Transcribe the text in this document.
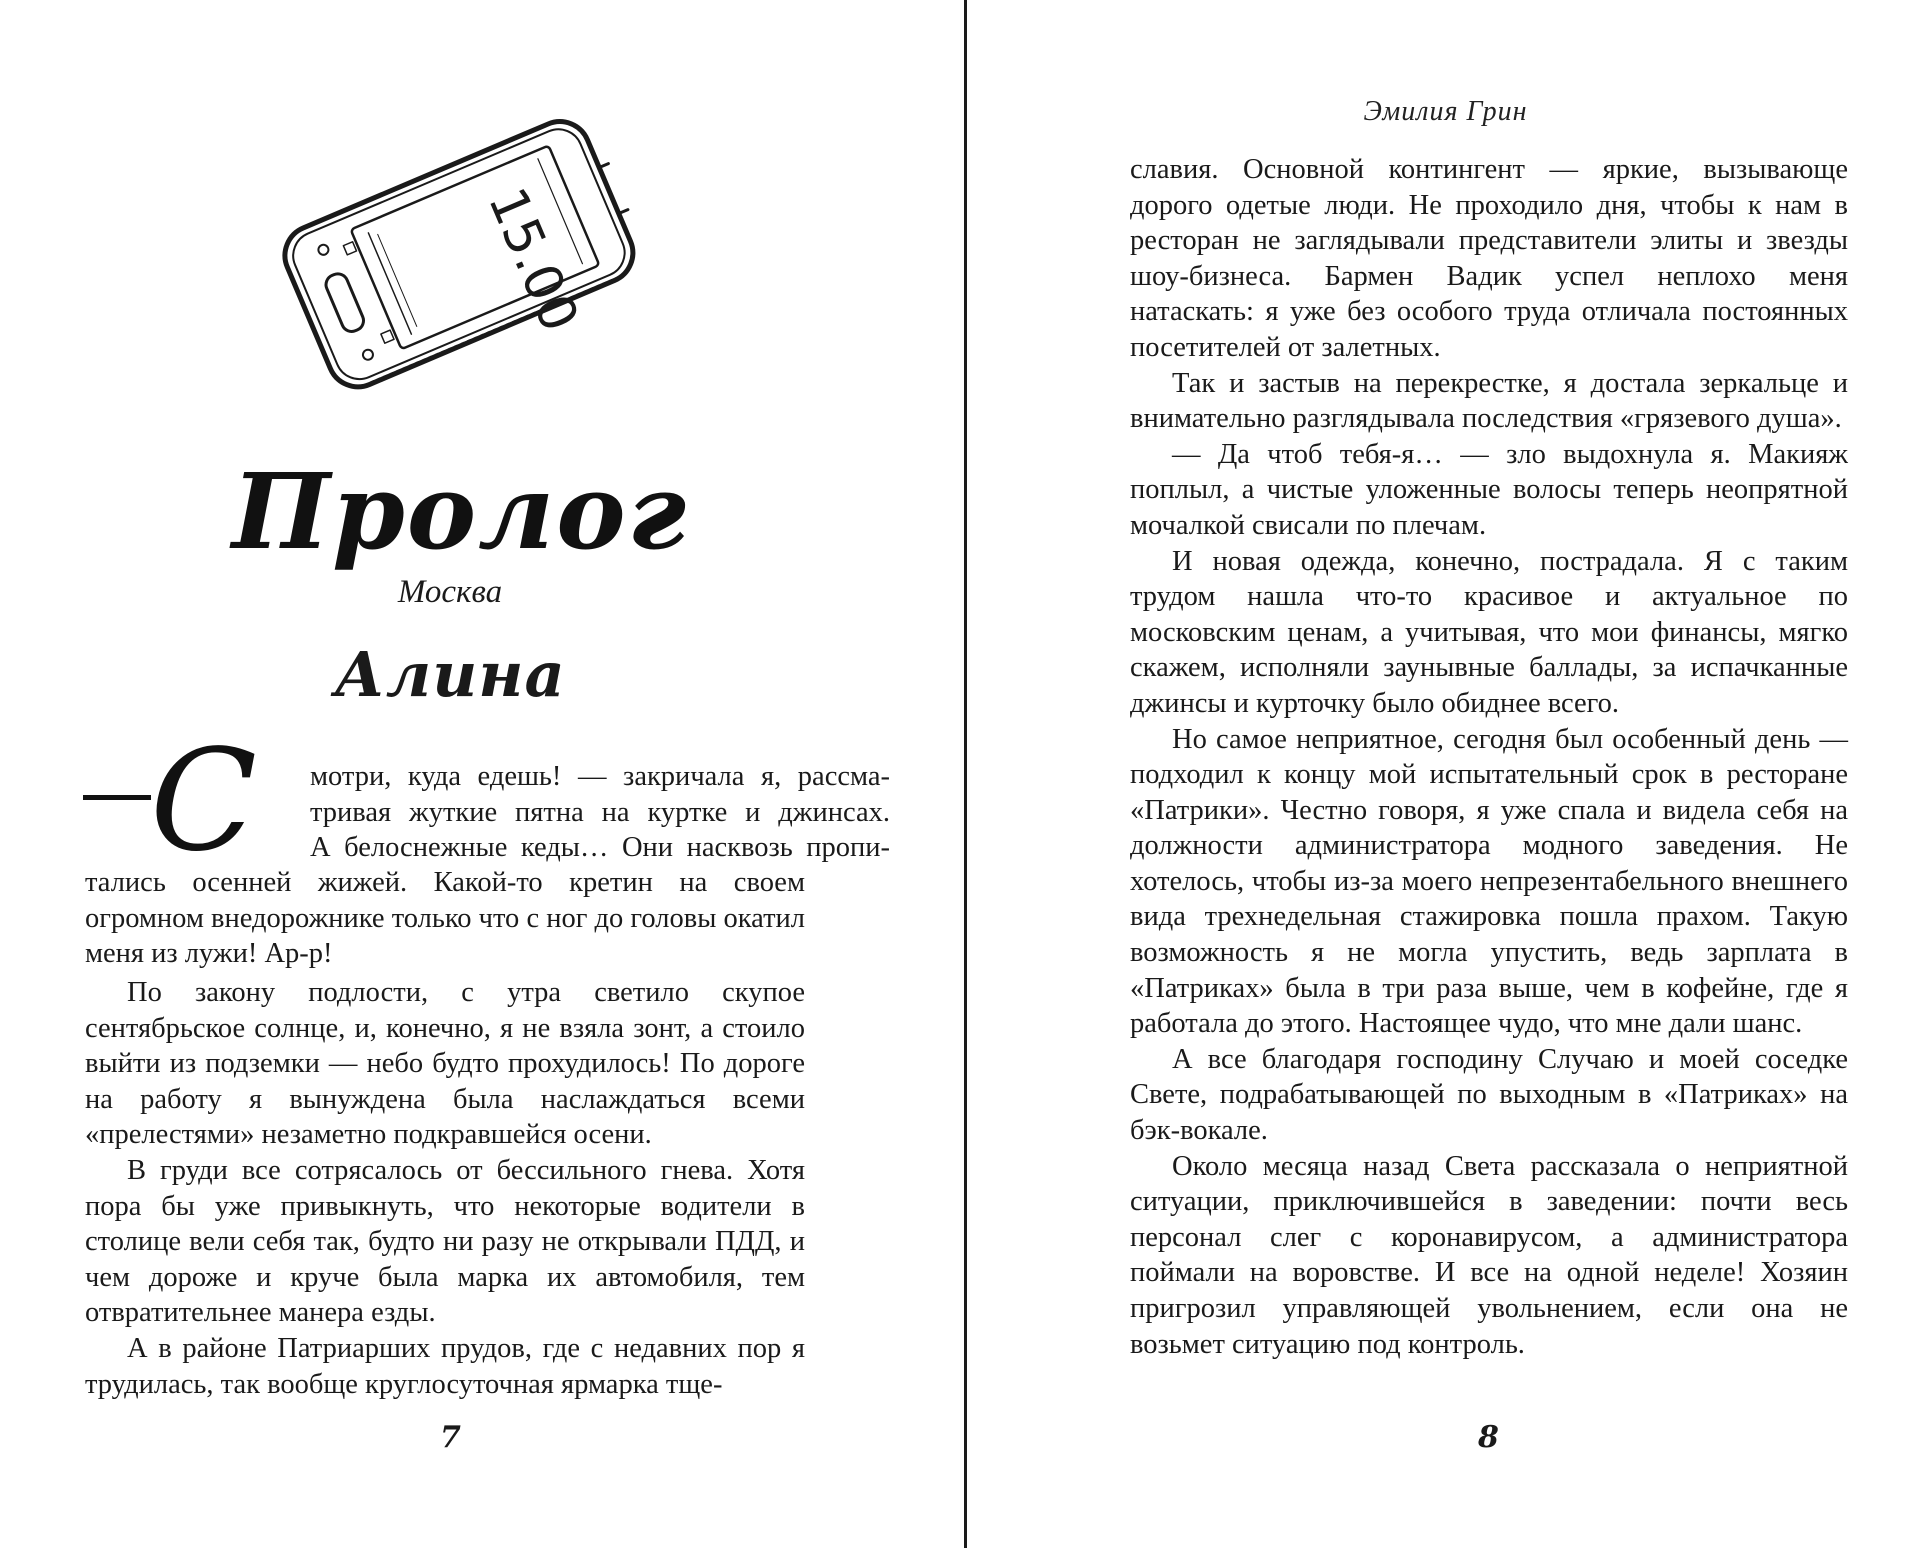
15.00
Пролог
Москва
Алина
С мотри, куда едешь! — закричала я, рассма-
тривая жуткие пятна на куртке и джинсах.
А белоснежные кеды… Они насквозь пропи-

тались осенней жижей. Какой-то кретин на своем огромном внедорожнике только что с ног до головы окатил меня из лужи! Ар-р!

По закону подлости, с утра светило скупое сентябрьское солнце, и, конечно, я не взяла зонт, а стоило выйти из подземки — небо будто прохудилось! По дороге на работу я вынуждена была наслаждаться всеми «прелестями» незаметно подкравшейся осени.

В груди все сотрясалось от бессильного гнева. Хотя пора бы уже привыкнуть, что некоторые водители в столице вели себя так, будто ни разу не открывали ПДД, и чем дороже и круче была марка их автомобиля, тем отвратительнее манера езды.

А в районе Патриарших прудов, где с недавних пор я трудилась, так вообще круглосуточная ярмарка тще-

7
Эмилия Грин

славия. Основной контингент — яркие, вызывающе дорого одетые люди. Не проходило дня, чтобы к нам в ресторан не заглядывали представители элиты и звезды шоу-бизнеса. Бармен Вадик успел неплохо меня натаскать: я уже без особого труда отличала постоянных посетителей от залетных.

Так и застыв на перекрестке, я достала зеркальце и внимательно разглядывала последствия «грязевого душа».

— Да чтоб тебя-я… — зло выдохнула я. Макияж поплыл, а чистые уложенные волосы теперь неопрятной мочалкой свисали по плечам.

И новая одежда, конечно, пострадала. Я с таким трудом нашла что-то красивое и актуальное по московским ценам, а учитывая, что мои финансы, мягко скажем, исполняли заунывные баллады, за испачканные джинсы и курточку было обиднее всего.

Но самое неприятное, сегодня был особенный день — подходил к концу мой испытательный срок в ресторане «Патрики». Честно говоря, я уже спала и видела себя на должности администратора модного заведения. Не хотелось, чтобы из-за моего непрезентабельного внешнего вида трехнедельная стажировка пошла прахом. Такую возможность я не могла упустить, ведь зарплата в «Патриках» была в три раза выше, чем в кофейне, где я работала до этого. Настоящее чудо, что мне дали шанс.

А все благодаря господину Случаю и моей соседке Свете, подрабатывающей по выходным в «Патриках» на бэк-вокале.

Около месяца назад Света рассказала о неприятной ситуации, приключившейся в заведении: почти весь персонал слег с коронавирусом, а администратора поймали на воровстве. И все на одной неделе! Хозяин пригрозил управляющей увольнением, если она не возьмет ситуацию под контроль.

8
